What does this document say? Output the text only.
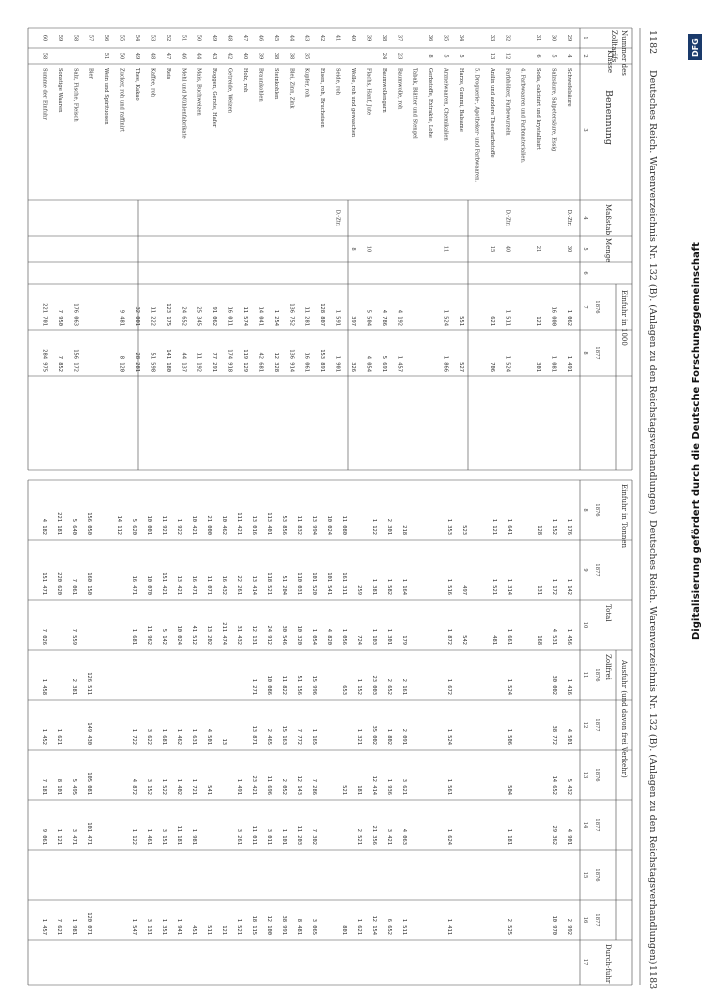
1182
Deutsches Reich. Warenverzeichnis Nr. 132 (B). (Anlagen zu den Reichstagsverhandlungen)
Deutsches Reich. Warenverzeichnis Nr. 132 (B). (Anlagen zu den Reichstagsverhandlungen)
1183
Nummer des
Zolltarifs
Klasse
Benennung
Maßstab
Menge
Einfuhr in 1000
Einfuhr in Tonnen
Ausfuhr (und davon frei Verkehr)
Durch-fuhr
Total
Zollfrei
1
2
3
4
5
6
7
8
1876
1877
29
4
Schwefelsäure
D.-Ztr.
30
1 062
1 491
30
5
Salzsäure, Salpetersäure, Essig
16 000
1 081
31
6
Soda, calcinirt und krystallisirt
21
121
301
4. Farbwaaren und Farbmaterialien.
32
12
Farbhölzer, Farbewurzeln
D.-Ztr.
40
1 511
1 524
33
13
Anilin und andere Theerfarbstoffe
15
621
706
5. Droguerie-, Apotheker- und Farbwaaren.
34
5
Harze, Gummi, Balsame
551
527
35
5
Arzneiwaaren, Chemikalien
11
1 524
1 866
36
8
Gerbstoffe, Extrakte, Lohe
Tabak, Blätter und Stengel
37
23
Baumwolle, roh
4 192
1 457
38
24
Baumwollengarn
4 786
5 691
39
Flachs, Hanf, Jute
10
5 504
4 054
40
Wolle, roh und gewaschen
8
397
326
41
Seide, roh
D.-Ztr.
1 591
1 901
42
Eisen, roh, Brucheisen
128 807
153 891
43
35
Kupfer, roh
11 281
16 061
44
38
Blei, Zinn, Zink
136 752
136 914
45
38
Steinkohlen
1 254
12 328
46
39
Braunkohlen
14 041
42 681
47
40
Holz, roh
11 574
119 129
48
42
Getreide, Weizen
16 011
174 918
49
43
Roggen, Gerste, Hafer
91 062
77 291
50
44
Mais, Buchweizen
25 345
11 192
51
46
Mehl und Mühlenfabrikate
24 652
44 137
52
47
Reis
123 175
141 180
53
48
Kaffee, roh
11 222
51 598
54
49
Thee, Kakao
32 001
28 281
55
50
Zucker, roh und raffinirt
9 481
8 120
56
51
Wein und Spirituosen
57
Bier
58
Salz, Fische, Fleisch
176 063
156 172
59
Sonstige Waaren
7 950
7 852
60
58
Summe der Einfuhr
221 701
284 975
1876
1877
1876
1877
1876
1877
1876
1877
8
9
10
11
12
13
14
15
16
17
1 176
1 142
1 456
1 416
4 501
5 432
4 901
2 992
1 152
1 172
4 531
30 002
38 772
14 652
29 362
10 970
128
131
168
1 641
1 314
1 661
1 524
1 506
504
1 181
2 525
1 121
1 521
481
523
497
542
1 353
1 516
1 872
1 672
1 524
1 561
1 624
1 411
218
1 164
179
2 161
2 091
3 621
4 063
1 511
2 301
1 582
1 301
2 652
1 802
1 936
3 421
6 652
1 122
1 381
1 103
23 003
35 002
12 414
21 356
12 154
259
724
1 152
1 321
181
2 521
1 621
11 080
161 311
1 056
653
521
801
10 024
101 541
4 820
13 994
101 520
1 054
15 996
1 165
7 286
7 302
3 065
11 832
110 031
10 320
51 156
7 772
12 143
11 203
8 481
53 856
51 204
30 546
11 822
15 163
2 052
1 101
38 991
113 401
118 521
24 912
10 086
2 465
11 696
3 011
12 100
13 016
13 414
12 131
1 271
13 871
23 421
11 011
18 115
111 421
22 261
31 432
1 491
3 261
1 521
10 462
16 432
211 474
13
121
21 000
11 071
13 202
4 501
541
511
10 421
16 471
41 512
1 631
1 721
1 981
451
1 922
13 421
10 024
1 462
1 402
11 181
1 941
11 921
151 421
5 142
1 681
1 522
3 151
1 351
10 001
10 070
11 962
3 622
3 152
1 461
3 131
5 620
16 471
1 681
1 722
4 872
1 122
1 547
14 112
156 050
160 150
126 511
149 430
105 081
101 471
120 071
5 640
7 061
7 559
2 381
5 495
3 471
1 981
221 181
220 620
1 621
8 101
1 121
7 621
4 182
151 471
7 026
1 458
1 452
7 181
9 061
1 457
Digitalisierung gefördert durch die Deutsche Forschungsgemeinschaft
DFG
